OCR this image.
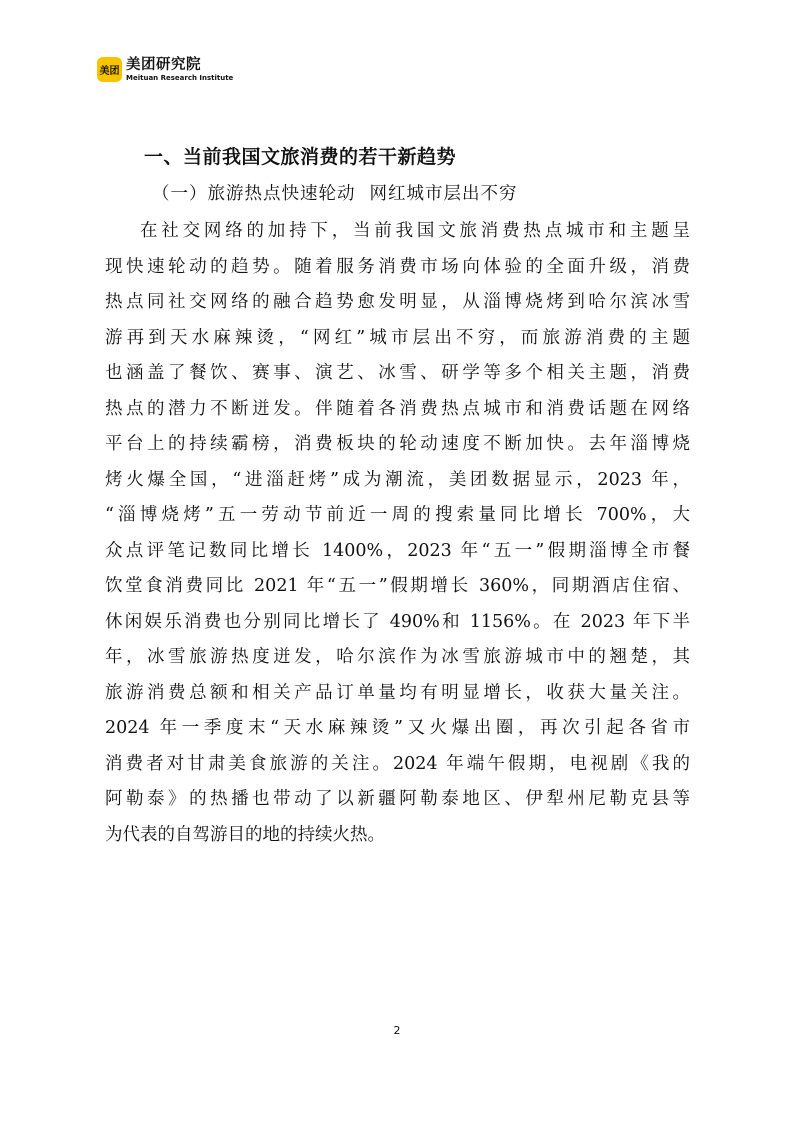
美团 美团研究院
Meituan Research Institute
一、当前我国文旅消费的若干新趋势
（一）旅游热点快速轮动 网红城市层出不穷
在社交网络的加持下，当前我国文旅消费热点城市和主题呈
现快速轮动的趋势。随着服务消费市场向体验的全面升级，消费
热点同社交网络的融合趋势愈发明显，从淄博烧烤到哈尔滨冰雪
游再到天水麻辣烫，“网红”城市层出不穷，而旅游消费的主题
也涵盖了餐饮、赛事、演艺、冰雪、研学等多个相关主题，消费
热点的潜力不断迸发。伴随着各消费热点城市和消费话题在网络
平台上的持续霸榜，消费板块的轮动速度不断加快。去年淄博烧
烤火爆全国，“进淄赶烤”成为潮流，美团数据显示，2023 年，
“淄博烧烤”五一劳动节前近一周的搜索量同比增长 700%，大
众点评笔记数同比增长 1400%，2023 年“五一”假期淄博全市餐
饮堂食消费同比 2021 年“五一”假期增长 360%，同期酒店住宿、
休闲娱乐消费也分别同比增长了 490%和 1156%。在 2023 年下半
年，冰雪旅游热度迸发，哈尔滨作为冰雪旅游城市中的翘楚，其
旅游消费总额和相关产品订单量均有明显增长，收获大量关注。
2024 年一季度末“天水麻辣烫”又火爆出圈，再次引起各省市
消费者对甘肃美食旅游的关注。2024 年端午假期，电视剧《我的
阿勒泰》的热播也带动了以新疆阿勒泰地区、伊犁州尼勒克县等
为代表的自驾游目的地的持续火热。
2
